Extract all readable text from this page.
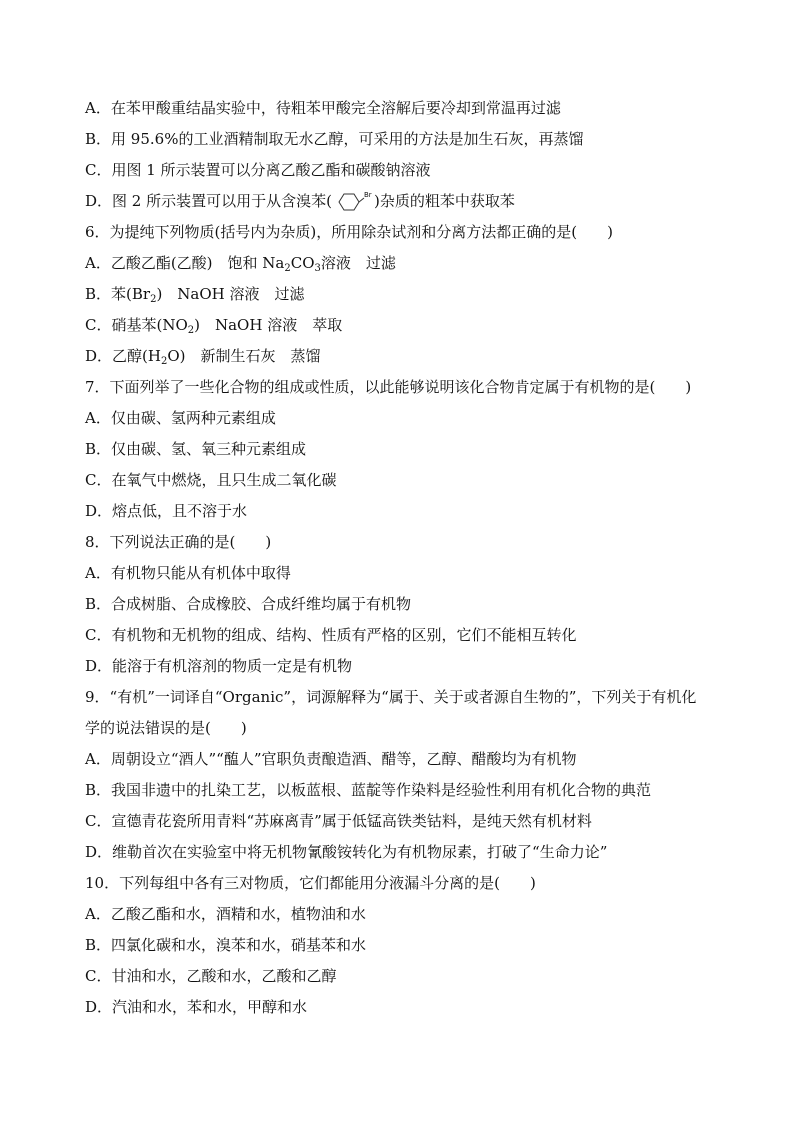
A．在苯甲酸重结晶实验中，待粗苯甲酸完全溶解后要冷却到常温再过滤
B．用 95.6%的工业酒精制取无水乙醇，可采用的方法是加生石灰，再蒸馏
C．用图 1 所示装置可以分离乙酸乙酯和碳酸钠溶液
D．图 2 所示装置可以用于从含溴苯(	Br )杂质的粗苯中获取苯
6．为提纯下列物质(括号内为杂质)，所用除杂试剂和分离方法都正确的是(　　)
A．乙酸乙酯(乙酸)　饱和 $Na_2CO_3$溶液　过滤
B．苯$(Br_2)$　NaOH 溶液　过滤
C．硝基苯$(NO_2)$　NaOH 溶液　萃取
D．乙醇$(H_2O)$　新制生石灰　蒸馏
7．下面列举了一些化合物的组成或性质，以此能够说明该化合物肯定属于有机物的是(　　)
A．仅由碳、氢两种元素组成
B．仅由碳、氢、氧三种元素组成
C．在氧气中燃烧，且只生成二氧化碳
D．熔点低，且不溶于水
8．下列说法正确的是(　　)
A．有机物只能从有机体中取得
B．合成树脂、合成橡胶、合成纤维均属于有机物
C．有机物和无机物的组成、结构、性质有严格的区别，它们不能相互转化
D．能溶于有机溶剂的物质一定是有机物
9．“有机”一词译自“Organic”，词源解释为“属于、关于或者源自生物的”，下列关于有机化
学的说法错误的是(　　)
A．周朝设立“酒人”“醢人”官职负责酿造酒、醋等，乙醇、醋酸均为有机物
B．我国非遗中的扎染工艺，以板蓝根、蓝靛等作染料是经验性利用有机化合物的典范
C．宣德青花瓷所用青料“苏麻离青”属于低锰高铁类钴料，是纯天然有机材料
D．维勒首次在实验室中将无机物氰酸铵转化为有机物尿素，打破了“生命力论”
10．下列每组中各有三对物质，它们都能用分液漏斗分离的是(　　)
A．乙酸乙酯和水，酒精和水，植物油和水
B．四氯化碳和水，溴苯和水，硝基苯和水
C．甘油和水，乙酸和水，乙酸和乙醇
D．汽油和水，苯和水，甲醇和水
